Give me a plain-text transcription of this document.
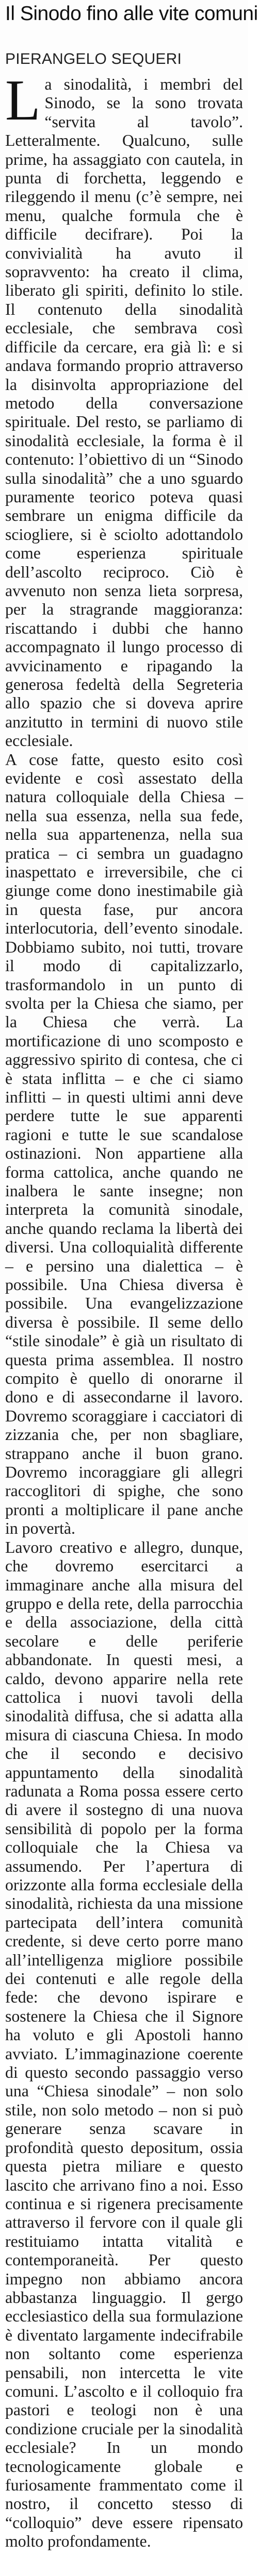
Il Sinodo fino alle vite comuni
PIERANGELO SEQUERI

La sinodalità, i membri del Sinodo, se la sono trovata “servita al tavolo”. Letteralmente. Qualcuno, sulle prime, ha assaggiato con cautela, in punta di forchetta, leggendo e rileggendo il menu (c’è sempre, nei menu, qualche formula che è difficile decifrare). Poi la convivialità ha avuto il sopravvento: ha creato il clima, liberato gli spiriti, definito lo stile. Il contenuto della sinodalità ecclesiale, che sembrava così difficile da cercare, era già lì: e si andava formando proprio attraverso la disinvolta appropriazione del metodo della conversazione spirituale. Del resto, se parliamo di sinodalità ecclesiale, la forma è il contenuto: l’obiettivo di un “Sinodo sulla sinodalità” che a uno sguardo puramente teorico poteva quasi sembrare un enigma difficile da sciogliere, si è sciolto adottandolo come esperienza spirituale dell’ascolto reciproco. Ciò è avvenuto non senza lieta sorpresa, per la stragrande maggioranza: riscattando i dubbi che hanno accompagnato il lungo processo di avvicinamento e ripagando la generosa fedeltà della Segreteria allo spazio che si doveva aprire anzitutto in termini di nuovo stile ecclesiale.

A cose fatte, questo esito così evidente e così assestato della natura colloquiale della Chiesa – nella sua essenza, nella sua fede, nella sua appartenenza, nella sua pratica – ci sembra un guadagno inaspettato e irreversibile, che ci giunge come dono inestimabile già in questa fase, pur ancora interlocutoria, dell’evento sinodale. Dobbiamo subito, noi tutti, trovare il modo di capitalizzarlo, trasformandolo in un punto di svolta per la Chiesa che siamo, per la Chiesa che verrà. La mortificazione di uno scomposto e aggressivo spirito di contesa, che ci è stata inflitta – e che ci siamo inflitti – in questi ultimi anni deve perdere tutte le sue apparenti ragioni e tutte le sue scandalose ostinazioni. Non appartiene alla forma cattolica, anche quando ne inalbera le sante insegne; non interpreta la comunità sinodale, anche quando reclama la libertà dei diversi. Una colloquialità differente – e persino una dialettica – è possibile. Una Chiesa diversa è possibile. Una evangelizzazione diversa è possibile. Il seme dello “stile sinodale” è già un risultato di questa prima assemblea. Il nostro compito è quello di onorarne il dono e di assecondarne il lavoro. Dovremo scoraggiare i cacciatori di zizzania che, per non sbagliare, strappano anche il buon grano. Dovremo incoraggiare gli allegri raccoglitori di spighe, che sono pronti a moltiplicare il pane anche in povertà.

Lavoro creativo e allegro, dunque, che dovremo esercitarci a immaginare anche alla misura del gruppo e della rete, della parrocchia e della associazione, della città secolare e delle periferie abbandonate. In questi mesi, a caldo, devono apparire nella rete cattolica i nuovi tavoli della sinodalità diffusa, che si adatta alla misura di ciascuna Chiesa. In modo che il secondo e decisivo appuntamento della sinodalità radunata a Roma possa essere certo di avere il sostegno di una nuova sensibilità di popolo per la forma colloquiale che la Chiesa va assumendo. Per l’apertura di orizzonte alla forma ecclesiale della sinodalità, richiesta da una missione partecipata dell’intera comunità credente, si deve certo porre mano all’intelligenza migliore possibile dei contenuti e alle regole della fede: che devono ispirare e sostenere la Chiesa che il Signore ha voluto e gli Apostoli hanno avviato. L’immaginazione coerente di questo secondo passaggio verso una “Chiesa sinodale” – non solo stile, non solo metodo – non si può generare senza scavare in profondità questo depositum, ossia questa pietra miliare e questo lascito che arrivano fino a noi. Esso continua e si rigenera precisamente attraverso il fervore con il quale gli restituiamo intatta vitalità e contemporaneità. Per questo impegno non abbiamo ancora abbastanza linguaggio. Il gergo ecclesiastico della sua formulazione è diventato largamente indecifrabile non soltanto come esperienza pensabili, non intercetta le vite comuni. L’ascolto e il colloquio fra pastori e teologi non è una condizione cruciale per la sinodalità ecclesiale? In un mondo tecnologicamente globale e furiosamente frammentato come il nostro, il concetto stesso di “colloquio” deve essere ripensato molto profondamente.
